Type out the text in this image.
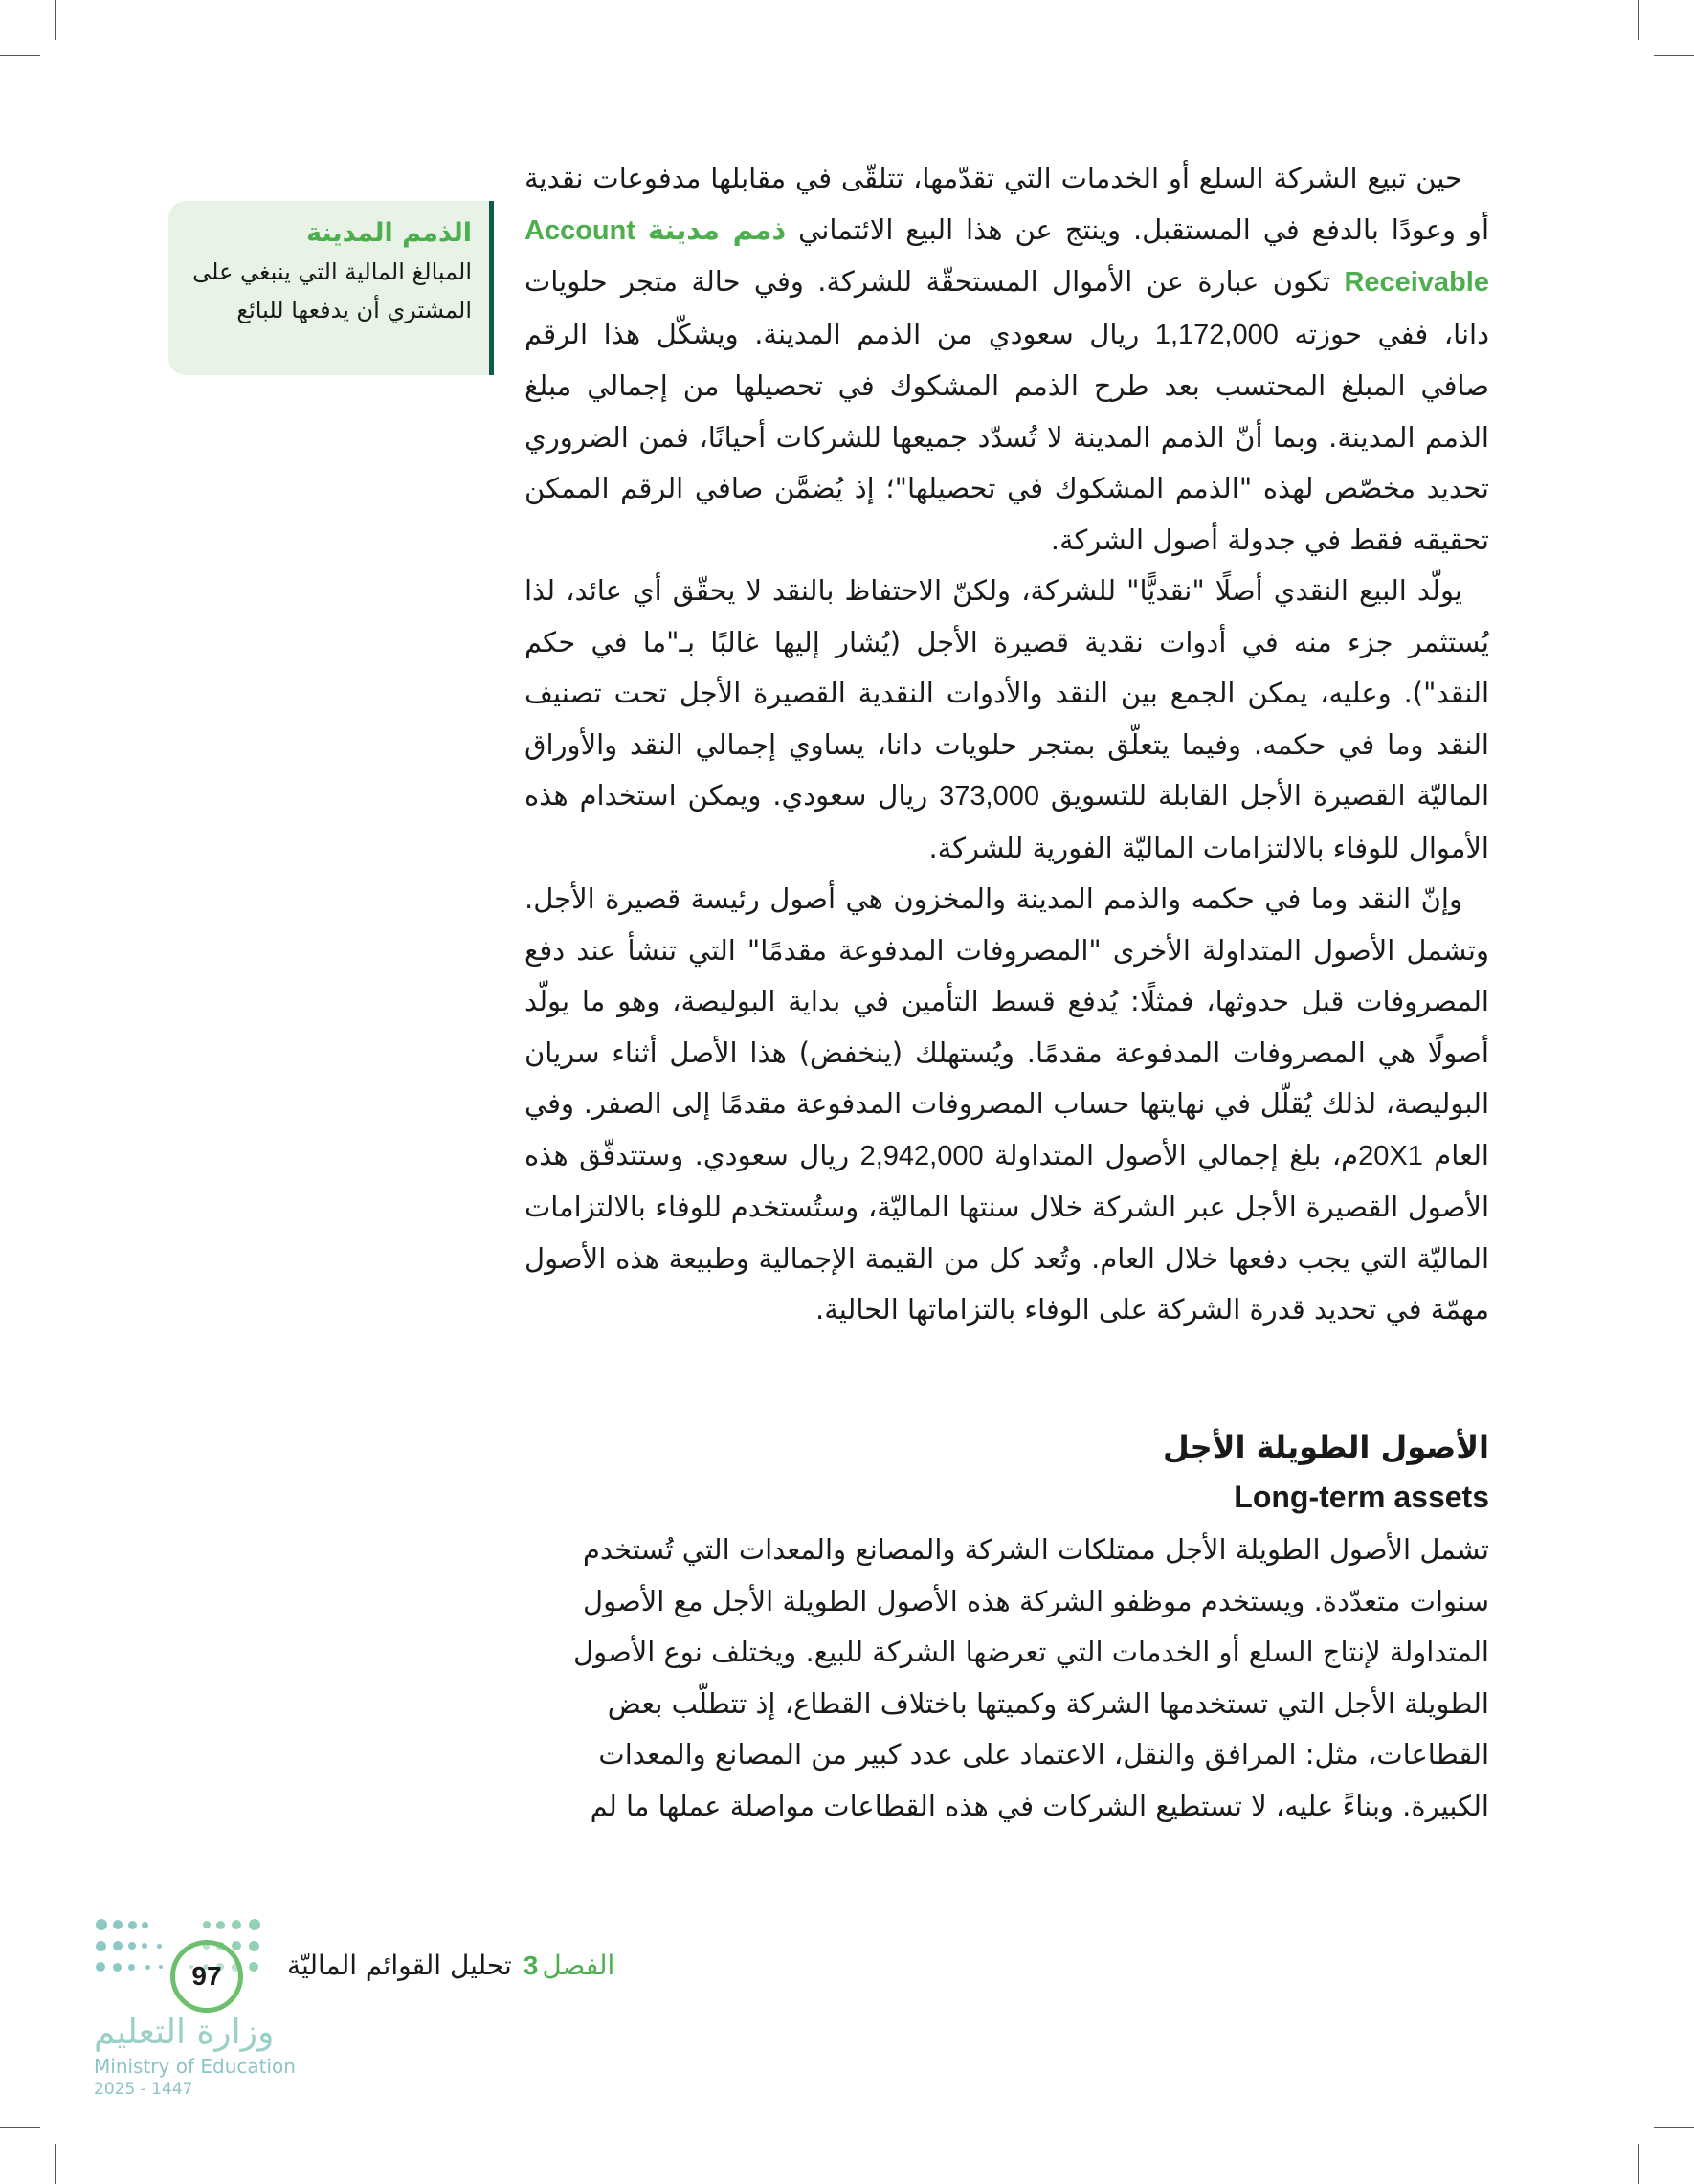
الذمم المدينة
المبالغ المالية التي ينبغي على المشتري أن يدفعها للبائع

حين تبيع الشركة السلع أو الخدمات التي تقدّمها، تتلقّى في مقابلها مدفوعات نقدية أو وعودًا بالدفع في المستقبل. وينتج عن هذا البيع الائتماني ذمم مدينة Account Receivable تكون عبارة عن الأموال المستحقّة للشركة. وفي حالة متجر حلويات دانا، ففي حوزته 1,172,000 ريال سعودي من الذمم المدينة. ويشكّل هذا الرقم صافي المبلغ المحتسب بعد طرح الذمم المشكوك في تحصيلها من إجمالي مبلغ الذمم المدينة. وبما أنّ الذمم المدينة لا تُسدّد جميعها للشركات أحيانًا، فمن الضروري تحديد مخصّص لهذه "الذمم المشكوك في تحصيلها"؛ إذ يُضمَّن صافي الرقم الممكن تحقيقه فقط في جدولة أصول الشركة.

يولّد البيع النقدي أصلًا "نقديًّا" للشركة، ولكنّ الاحتفاظ بالنقد لا يحقّق أي عائد، لذا يُستثمر جزء منه في أدوات نقدية قصيرة الأجل (يُشار إليها غالبًا بـ"ما في حكم النقد"). وعليه، يمكن الجمع بين النقد والأدوات النقدية القصيرة الأجل تحت تصنيف النقد وما في حكمه. وفيما يتعلّق بمتجر حلويات دانا، يساوي إجمالي النقد والأوراق الماليّة القصيرة الأجل القابلة للتسويق 373,000 ريال سعودي. ويمكن استخدام هذه الأموال للوفاء بالالتزامات الماليّة الفورية للشركة.

وإنّ النقد وما في حكمه والذمم المدينة والمخزون هي أصول رئيسة قصيرة الأجل. وتشمل الأصول المتداولة الأخرى "المصروفات المدفوعة مقدمًا" التي تنشأ عند دفع المصروفات قبل حدوثها، فمثلًا: يُدفع قسط التأمين في بداية البوليصة، وهو ما يولّد أصولًا هي المصروفات المدفوعة مقدمًا. ويُستهلك (ينخفض) هذا الأصل أثناء سريان البوليصة، لذلك يُقلّل في نهايتها حساب المصروفات المدفوعة مقدمًا إلى الصفر. وفي العام 20X1م، بلغ إجمالي الأصول المتداولة 2,942,000 ريال سعودي. وستتدفّق هذه الأصول القصيرة الأجل عبر الشركة خلال سنتها الماليّة، وستُستخدم للوفاء بالالتزامات الماليّة التي يجب دفعها خلال العام. وتُعد كل من القيمة الإجمالية وطبيعة هذه الأصول مهمّة في تحديد قدرة الشركة على الوفاء بالتزاماتها الحالية.

الأصول الطويلة الأجل
Long-term assets

تشمل الأصول الطويلة الأجل ممتلكات الشركة والمصانع والمعدات التي تُستخدم سنوات متعدّدة. ويستخدم موظفو الشركة هذه الأصول الطويلة الأجل مع الأصول المتداولة لإنتاج السلع أو الخدمات التي تعرضها الشركة للبيع. ويختلف نوع الأصول الطويلة الأجل التي تستخدمها الشركة وكميتها باختلاف القطاع، إذ تتطلّب بعض القطاعات، مثل: المرافق والنقل، الاعتماد على عدد كبير من المصانع والمعدات الكبيرة. وبناءً عليه، لا تستطيع الشركات في هذه القطاعات مواصلة عملها ما لم

97	الفصل3تحليل القوائم الماليّة
وزارة التعليم
Ministry of Education
2025 - 1447
